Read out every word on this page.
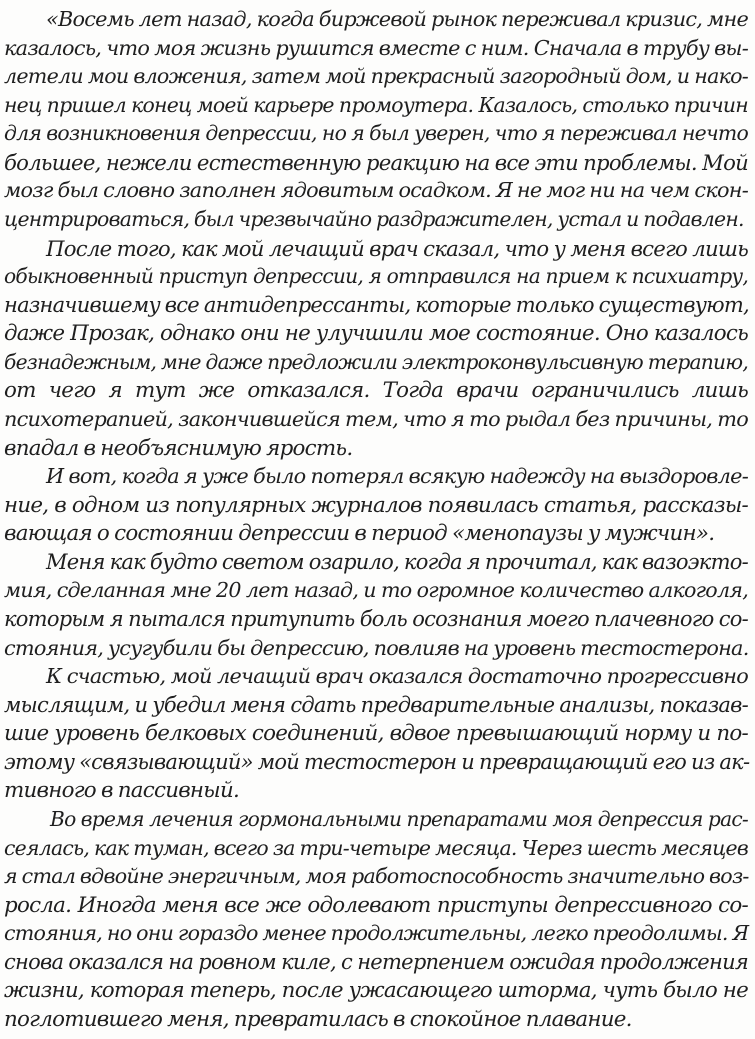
«Восемь лет назад, когда биржевой рынок переживал кризис, мне

казалось, что моя жизнь рушится вместе с ним. Сначала в трубу вы-

летели мои вложения, затем мой прекрасный загородный дом, и нако-

нец пришел конец моей карьере промоутера. Казалось, столько причин

для возникновения депрессии, но я был уверен, что я переживал нечто

большее, нежели естественную реакцию на все эти проблемы. Мой

мозг был словно заполнен ядовитым осадком. Я не мог ни на чем скон-

центрироваться, был чрезвычайно раздражителен, устал и подавлен.

После того, как мой лечащий врач сказал, что у меня всего лишь

обыкновенный приступ депрессии, я отправился на прием к психиатру,

назначившему все антидепрессанты, которые только существуют,

даже Прозак, однако они не улучшили мое состояние. Оно казалось

безнадежным, мне даже предложили электроконвульсивную терапию,

от чего я тут же отказался. Тогда врачи ограничились лишь

психотерапией, закончившейся тем, что я то рыдал без причины, то

впадал в необъяснимую ярость.

И вот, когда я уже было потерял всякую надежду на выздоровле-

ние, в одном из популярных журналов появилась статья, рассказы-

вающая о состоянии депрессии в период «менопаузы у мужчин».

Меня как будто светом озарило, когда я прочитал, как вазоэкто-

мия, сделанная мне 20 лет назад, и то огромное количество алкоголя,

которым я пытался притупить боль осознания моего плачевного со-

стояния, усугубили бы депрессию, повлияв на уровень тестостерона.

К счастью, мой лечащий врач оказался достаточно прогрессивно

мыслящим, и убедил меня сдать предварительные анализы, показав-

шие уровень белковых соединений, вдвое превышающий норму и по-

этому «связывающий» мой тестостерон и превращающий его из ак-

тивного в пассивный.

Во время лечения гормональными препаратами моя депрессия рас-

сеялась, как туман, всего за три-четыре месяца. Через шесть месяцев

я стал вдвойне энергичным, моя работоспособность значительно воз-

росла. Иногда меня все же одолевают приступы депрессивного со-

стояния, но они гораздо менее продолжительны, легко преодолимы. Я

снова оказался на ровном киле, с нетерпением ожидая продолжения

жизни, которая теперь, после ужасающего шторма, чуть было не

поглотившего меня, превратилась в спокойное плавание.
